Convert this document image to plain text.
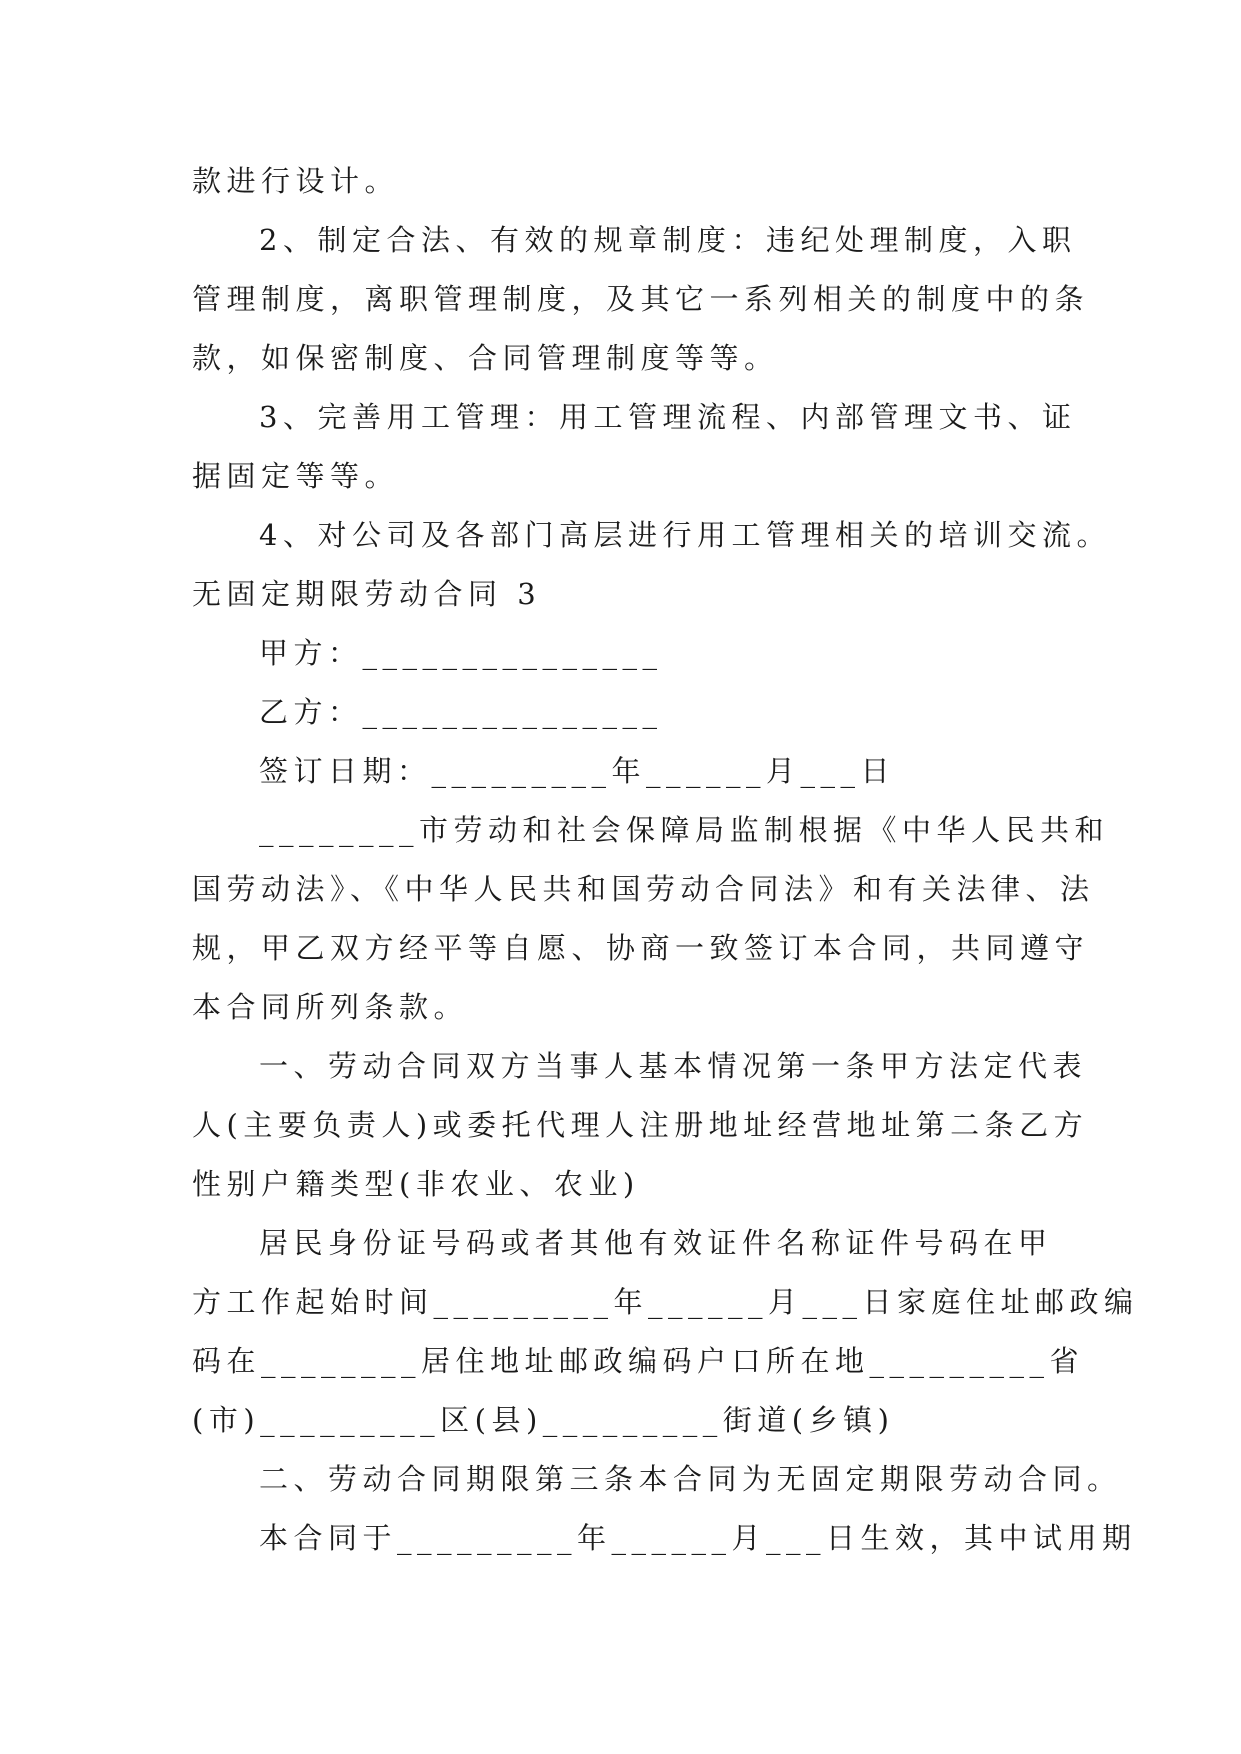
款进行设计。

2、制定合法、有效的规章制度：违纪处理制度，入职

管理制度，离职管理制度，及其它一系列相关的制度中的条

款，如保密制度、合同管理制度等等。

3、完善用工管理：用工管理流程、内部管理文书、证

据固定等等。

4、对公司及各部门高层进行用工管理相关的培训交流。

无固定期限劳动合同 3

甲方：_______________

乙方：_______________

签订日期：_________年______月___日

________市劳动和社会保障局监制根据《中华人民共和

国劳动法》、《中华人民共和国劳动合同法》和有关法律、法

规，甲乙双方经平等自愿、协商一致签订本合同，共同遵守

本合同所列条款。

一、劳动合同双方当事人基本情况第一条甲方法定代表

人(主要负责人)或委托代理人注册地址经营地址第二条乙方

性别户籍类型(非农业、农业)

居民身份证号码或者其他有效证件名称证件号码在甲

方工作起始时间_________年______月___日家庭住址邮政编

码在________居住地址邮政编码户口所在地_________省

(市)_________区(县)_________街道(乡镇)

二、劳动合同期限第三条本合同为无固定期限劳动合同。

本合同于_________年______月___日生效，其中试用期
